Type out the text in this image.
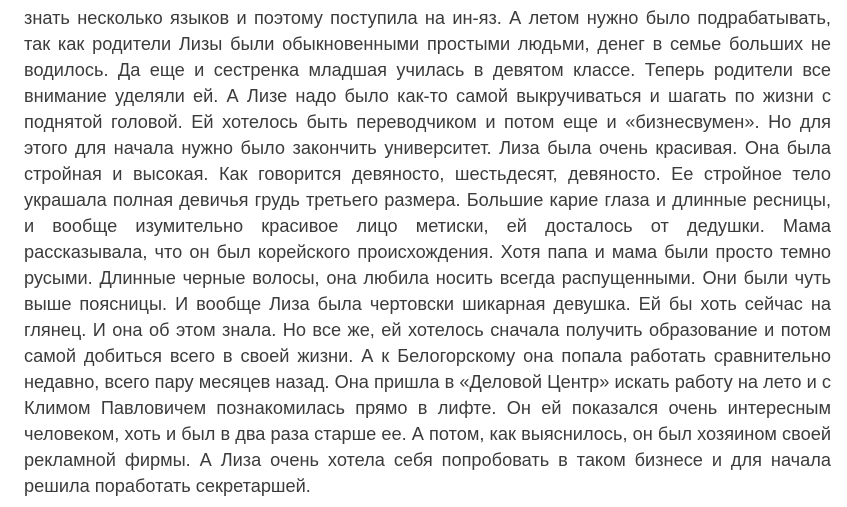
знать несколько языков и поэтому поступила на ин-яз. А летом нужно было подрабатывать,
так как родители Лизы были обыкновенными простыми людьми, денег в семье больших не
водилось. Да еще и сестренка младшая училась в девятом классе. Теперь родители все
внимание уделяли ей. А Лизе надо было как-то самой выкручиваться и шагать по жизни с
поднятой головой. Ей хотелось быть переводчиком и потом еще и «бизнесвумен». Но для
этого для начала нужно было закончить университет. Лиза была очень красивая. Она была
стройная и высокая. Как говорится девяносто, шестьдесят, девяносто. Ее стройное тело
украшала полная девичья грудь третьего размера. Большие карие глаза и длинные ресницы,
и вообще изумительно красивое лицо метиски, ей досталось от дедушки. Мама
рассказывала, что он был корейского происхождения. Хотя папа и мама были просто темно
русыми. Длинные черные волосы, она любила носить всегда распущенными. Они были чуть
выше поясницы. И вообще Лиза была чертовски шикарная девушка. Ей бы хоть сейчас на
глянец. И она об этом знала. Но все же, ей хотелось сначала получить образование и потом
самой добиться всего в своей жизни. А к Белогорскому она попала работать сравнительно
недавно, всего пару месяцев назад. Она пришла в «Деловой Центр» искать работу на лето и с
Климом Павловичем познакомилась прямо в лифте. Он ей показался очень интересным
человеком, хоть и был в два раза старше ее. А потом, как выяснилось, он был хозяином своей
рекламной фирмы. А Лиза очень хотела себя попробовать в таком бизнесе и для начала
решила поработать секретаршей.
